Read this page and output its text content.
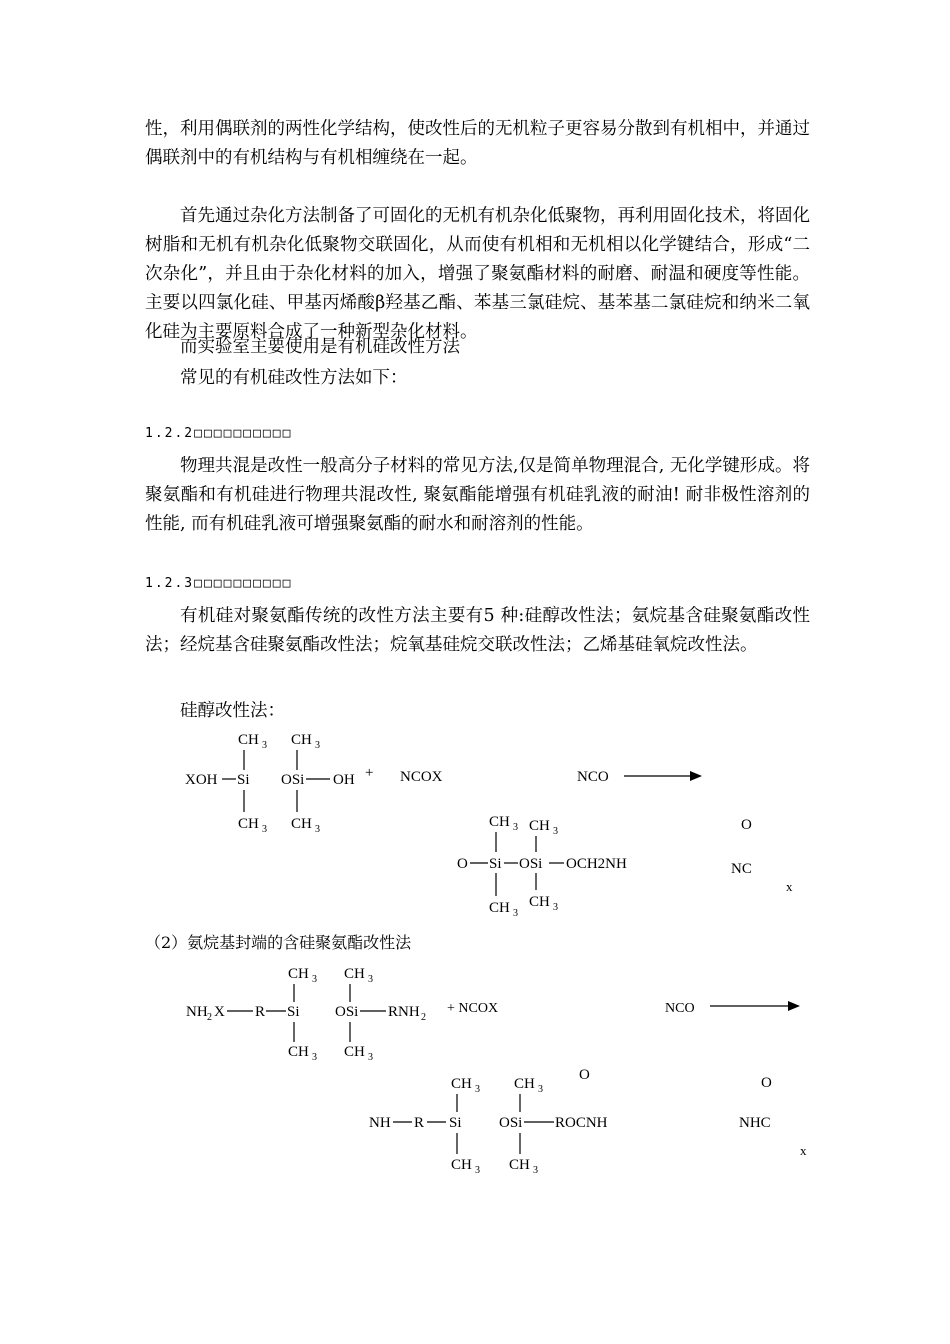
性，利用偶联剂的两性化学结构，使改性后的无机粒子更容易分散到有机相中，并通过偶联剂中的有机结构与有机相缠绕在一起。
首先通过杂化方法制备了可固化的无机有机杂化低聚物，再利用固化技术，将固化树脂和无机有机杂化低聚物交联固化，从而使有机相和无机相以化学键结合，形成“二次杂化”，并且由于杂化材料的加入，增强了聚氨酯材料的耐磨、耐温和硬度等性能。主要以四氯化硅、甲基丙烯酸β羟基乙酯、苯基三氯硅烷、基苯基二氯硅烷和纳米二氧化硅为主要原料合成了一种新型杂化材料。
而实验室主要使用是有机硅改性方法
常见的有机硅改性方法如下：
1.2.2□□□□□□□□□□
物理共混是改性一般高分子材料的常见方法,仅是简单物理混合, 无化学键形成。将聚氨酯和有机硅进行物理共混改性, 聚氨酯能增强有机硅乳液的耐油! 耐非极性溶剂的性能, 而有机硅乳液可增强聚氨酯的耐水和耐溶剂的性能。
1.2.3□□□□□□□□□□
有机硅对聚氨酯传统的改性方法主要有5 种:硅醇改性法；氨烷基含硅聚氨酯改性法；经烷基含硅聚氨酯改性法；烷氧基硅烷交联改性法；乙烯基硅氧烷改性法。
硅醇改性法：
CH 3 CH 3
XOH Si OSi OH + NCOX	NCO
CH 3 CH 3	CH 3 CH 3
O Si OSi OCH2NH
CH 3
CH 3
O
NC
x
（2）氨烷基封端的含硅聚氨酯改性法
CH 3 CH 3
NH 2 X R Si OSi RNH 2
+ NCOX	NCO
CH 3 CH 3
CH 3 CH 3
O	O
NH R Si OSi ROCNH	NHC
CH 3 CH 3
x
